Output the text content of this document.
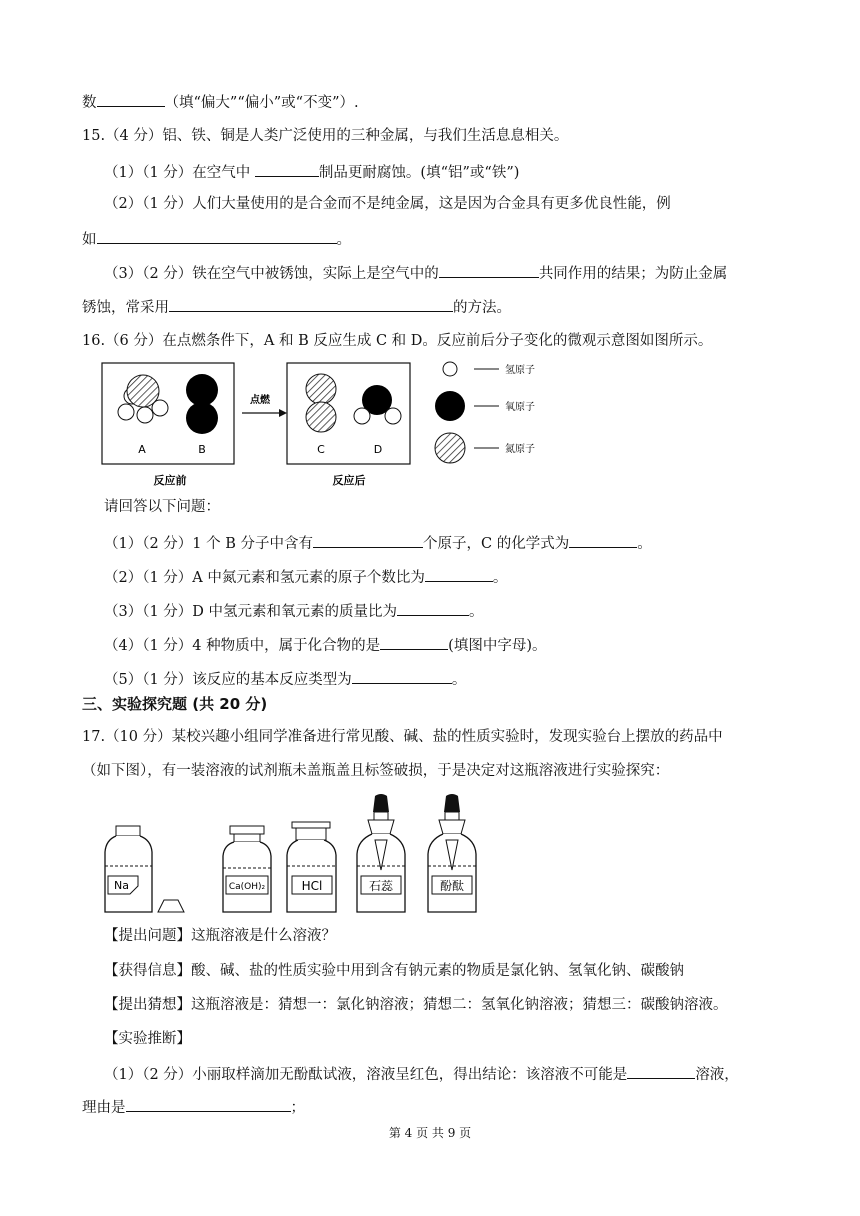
数	（填“偏大”“偏小”或“不变”）.
15.（4 分）铝、铁、铜是人类广泛使用的三种金属，与我们生活息息相关。
（1）（1 分）在空气中	制品更耐腐蚀。(填“铝”或“铁”)
（2）（1 分）人们大量使用的是合金而不是纯金属，这是因为合金具有更多优良性能，例
如	。
（3）（2 分）铁在空气中被锈蚀，实际上是空气中的	共同作用的结果；为防止金属
锈蚀，常采用	的方法。
16.（6 分）在点燃条件下，A 和 B 反应生成 C 和 D。反应前后分子变化的微观示意图如图所示。
A	B
反应前
点燃
C	D
反应后
氢原子
氧原子
氮原子
请回答以下问题：
（1）（2 分）1 个 B 分子中含有	个原子，C 的化学式为	。
（2）（1 分）A 中氮元素和氢元素的原子个数比为	。
（3）（1 分）D 中氢元素和氧元素的质量比为	。
（4）（1 分）4 种物质中，属于化合物的是	(填图中字母)。
（5）（1 分）该反应的基本反应类型为	。
三、实验探究题 (共 20 分)
17.（10 分）某校兴趣小组同学准备进行常见酸、碱、盐的性质实验时，发现实验台上摆放的药品中
（如下图），有一装溶液的试剂瓶未盖瓶盖且标签破损，于是决定对这瓶溶液进行实验探究：
Na	Ca(OH)₂	HCl	石蕊	酚酞
【提出问题】这瓶溶液是什么溶液？
【获得信息】酸、碱、盐的性质实验中用到含有钠元素的物质是氯化钠、氢氧化钠、碳酸钠
【提出猜想】这瓶溶液是：猜想一：氯化钠溶液；猜想二：氢氧化钠溶液；猜想三：碳酸钠溶液。
【实验推断】
（1）（2 分）小丽取样滴加无酚酞试液，溶液呈红色，得出结论：该溶液不可能是	溶液，
理由是	；
第 4 页 共 9 页
